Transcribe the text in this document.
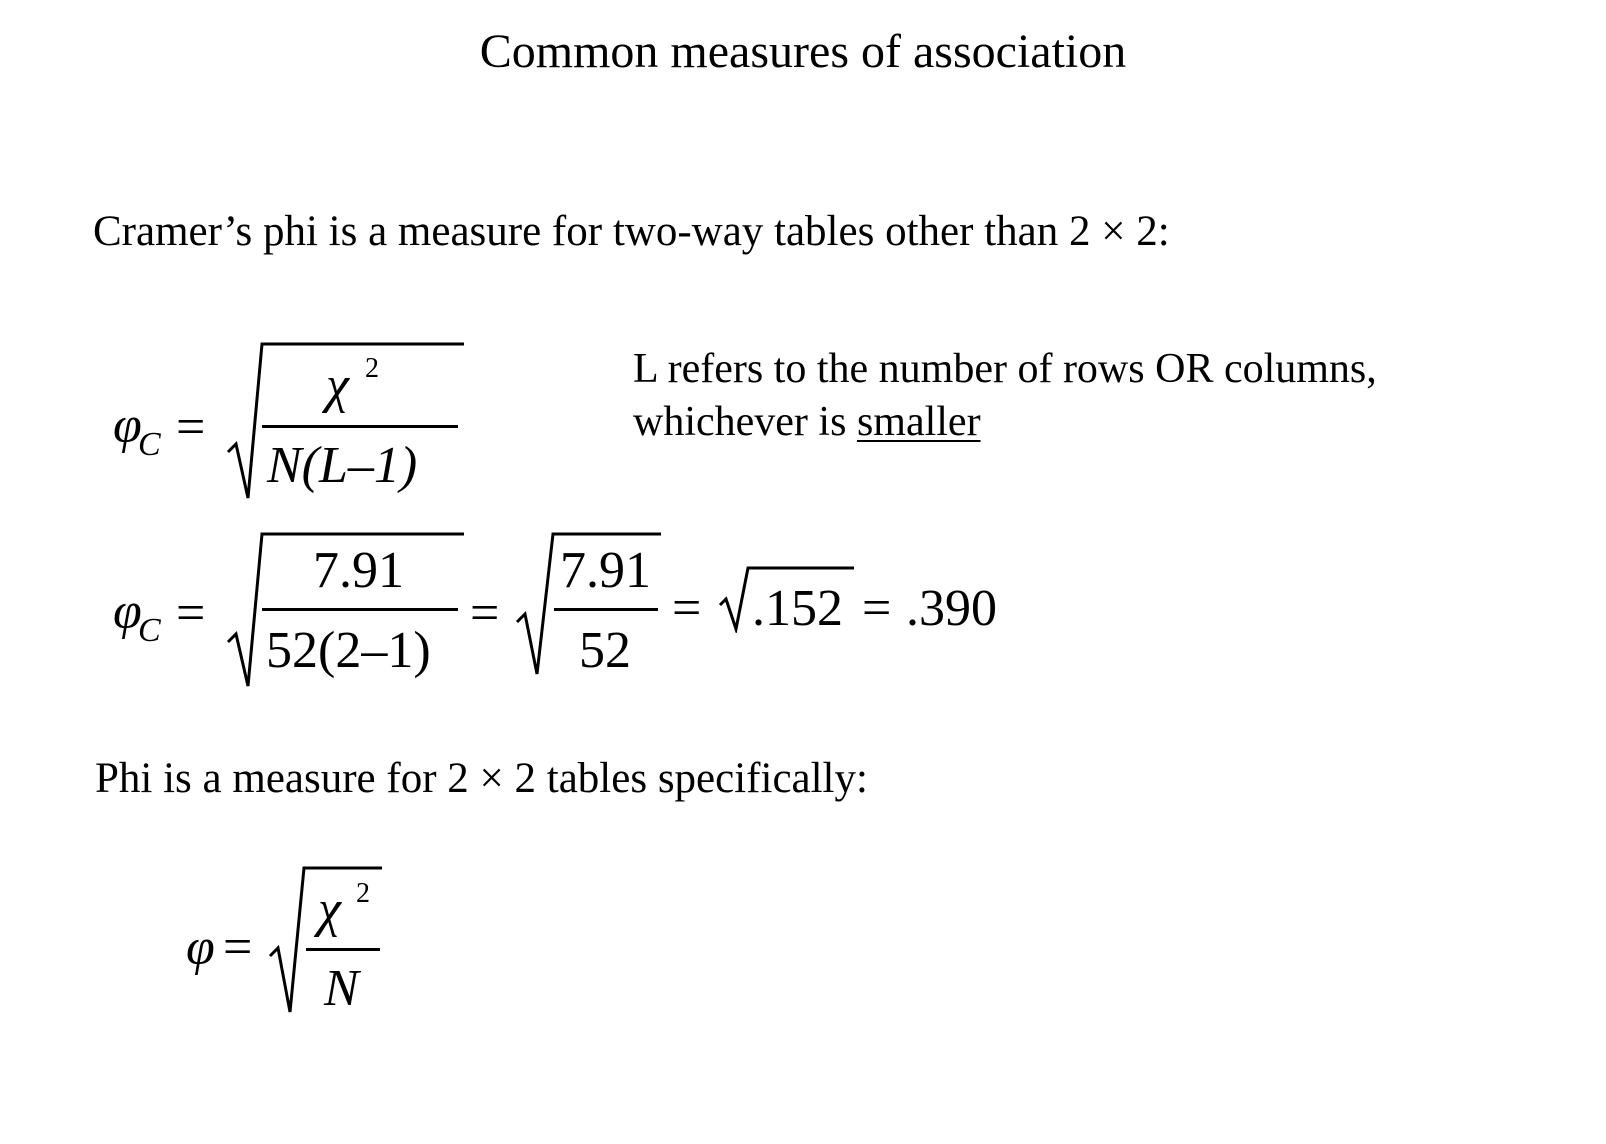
Common measures of association
Cramer’s phi is a measure for two-way tables other than 2 × 2:
L refers to the number of rows OR columns,
whichever is smaller
φ
C =
χ 2
N(L–1)
φ
C =
7.91
52(2–1)
=
7.91
52
= .152 = .390
Phi is a measure for 2 × 2 tables specifically:
φ =
χ 2
N
